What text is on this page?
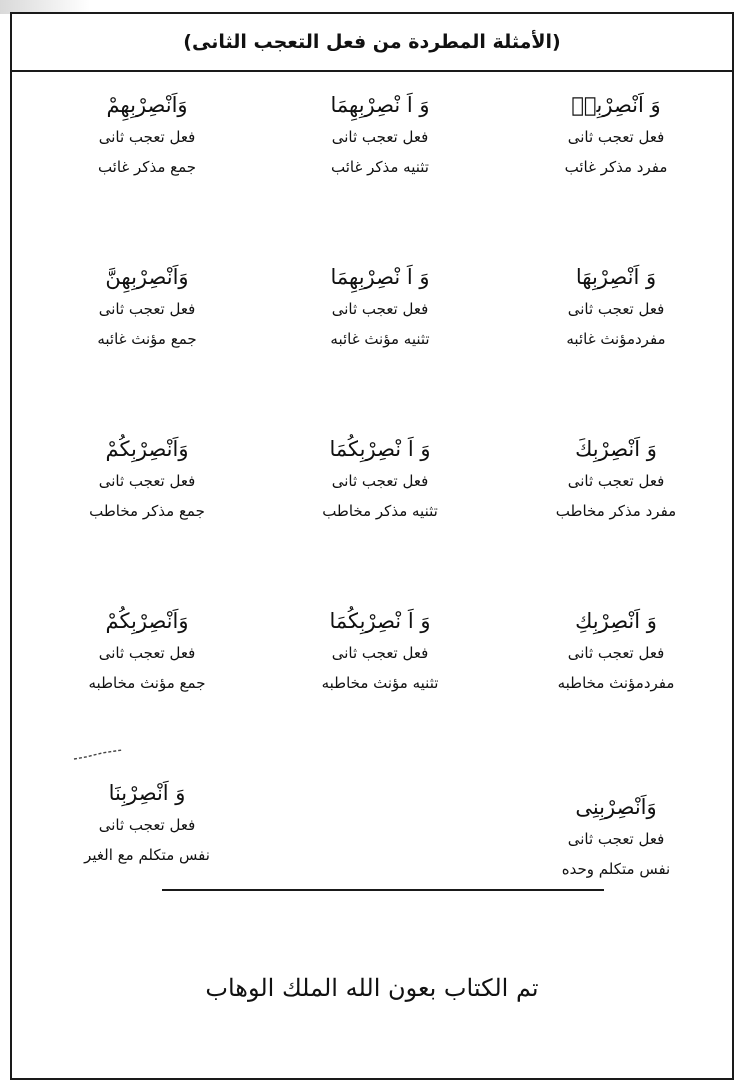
(الأمثلة المطردة من فعل التعجب الثانى)
وَ اَنْصِرْبِهٖ
فعل تعجب ثانى
مفرد مذكر غائب
وَ اَ نْصِرْبِهِمَا
فعل تعجب ثانى
تثنيه مذكر غائب
وَاَنْصِرْبِهِمْ
فعل تعجب ثانى
جمع مذكر غائب
وَ اَنْصِرْبِهَا
فعل تعجب ثانى
مفردمؤنث غائبه
وَ اَ نْصِرْبِهِمَا
فعل تعجب ثانى
تثنيه مؤنث غائبه
وَاَنْصِرْبِهِنَّ
فعل تعجب ثانى
جمع مؤنث غائبه
وَ اَنْصِرْبِكَ
فعل تعجب ثانى
مفرد مذكر مخاطب
وَ اَ نْصِرْبِكُمَا
فعل تعجب ثانى
تثنيه مذكر مخاطب
وَاَنْصِرْبِكُمْ
فعل تعجب ثانى
جمع مذكر مخاطب
وَ اَنْصِرْبِكِ
فعل تعجب ثانى
مفردمؤنث مخاطبه
وَ اَ نْصِرْبِكُمَا
فعل تعجب ثانى
تثنيه مؤنث مخاطبه
وَاَنْصِرْبِكُمْ
فعل تعجب ثانى
جمع مؤنث مخاطبه
وَاَنْصِرْبِنِى
فعل تعجب ثانى
نفس متكلم وحده
وَ اَنْصِرْبِنَا
فعل تعجب ثانى
نفس متكلم مع الغير
تم الكتاب بعون الله الملك الوهاب
